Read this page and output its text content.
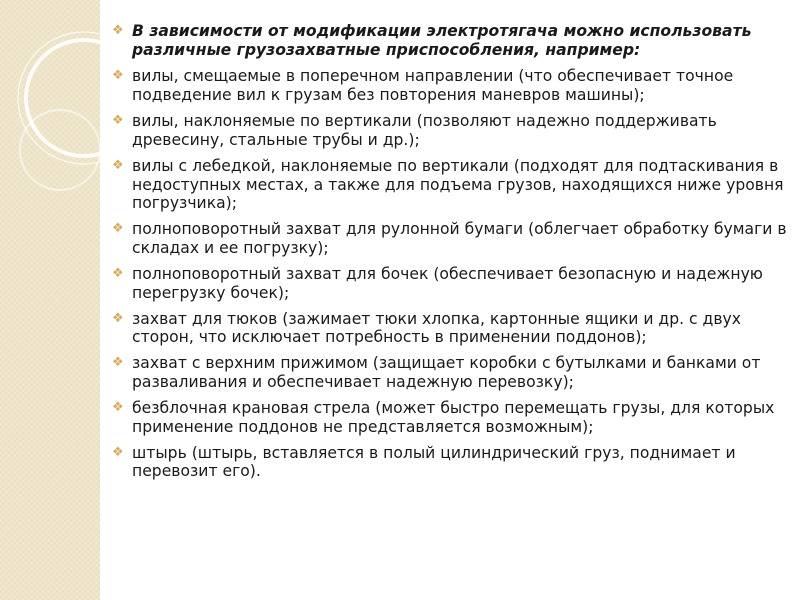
❖ В зависимости от модификации электротягача можно использовать различные грузозахватные приспособления, например:
❖ вилы, смещаемые в поперечном направлении (что обеспечивает точное подведение вил к грузам без повторения маневров машины);
❖ вилы, наклоняемые по вертикали (позволяют надежно поддерживать древесину, стальные трубы и др.);
❖ вилы с лебедкой, наклоняемые по вертикали (подходят для подтаскивания в недоступных местах, а также для подъема грузов, находящихся ниже уровня погрузчика);
❖ полноповоротный захват для рулонной бумаги (облегчает обработку бумаги в складах и ее погрузку);
❖ полноповоротный захват для бочек (обеспечивает безопасную и надежную перегрузку бочек);
❖ захват для тюков (зажимает тюки хлопка, картонные ящики и др. с двух сторон, что исключает потребность в применении поддонов);
❖ захват с верхним прижимом (защищает коробки с бутылками и банками от разваливания и обеспечивает надежную перевозку);
❖ безблочная крановая стрела (может быстро перемещать грузы, для которых применение поддонов не представляется возможным);
❖ штырь (штырь, вставляется в полый цилиндрический груз, поднимает и перевозит его).
